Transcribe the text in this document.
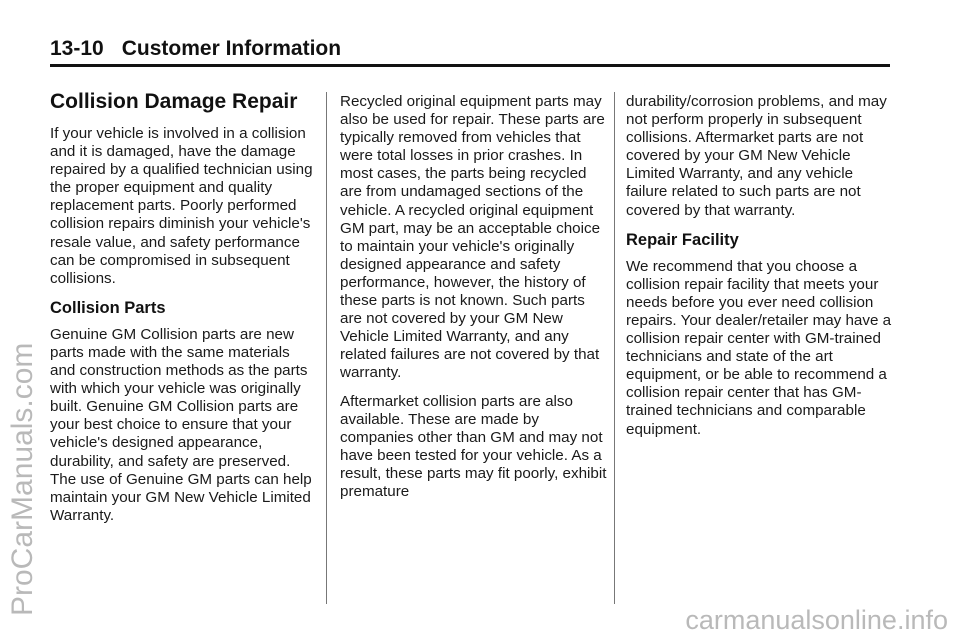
13-10 Customer Information
Collision Damage Repair

If your vehicle is involved in a collision and it is damaged, have the damage repaired by a qualified technician using the proper equipment and quality replacement parts. Poorly performed collision repairs diminish your vehicle's resale value, and safety performance can be compromised in subsequent collisions.

Collision Parts

Genuine GM Collision parts are new parts made with the same materials and construction methods as the parts with which your vehicle was originally built. Genuine GM Collision parts are your best choice to ensure that your vehicle's designed appearance, durability, and safety are preserved. The use of Genuine GM parts can help maintain your GM New Vehicle Limited Warranty.

Recycled original equipment parts may also be used for repair. These parts are typically removed from vehicles that were total losses in prior crashes. In most cases, the parts being recycled are from undamaged sections of the vehicle. A recycled original equipment GM part, may be an acceptable choice to maintain your vehicle's originally designed appearance and safety performance, however, the history of these parts is not known. Such parts are not covered by your GM New Vehicle Limited Warranty, and any related failures are not covered by that warranty.

Aftermarket collision parts are also available. These are made by companies other than GM and may not have been tested for your vehicle. As a result, these parts may fit poorly, exhibit premature

durability/corrosion problems, and may not perform properly in subsequent collisions. Aftermarket parts are not covered by your GM New Vehicle Limited Warranty, and any vehicle failure related to such parts are not covered by that warranty.

Repair Facility

We recommend that you choose a collision repair facility that meets your needs before you ever need collision repairs. Your dealer/retailer may have a collision repair center with GM-trained technicians and state of the art equipment, or be able to recommend a collision repair center that has GM-trained technicians and comparable equipment.

ProCarManuals.com
carmanualsonline.info
